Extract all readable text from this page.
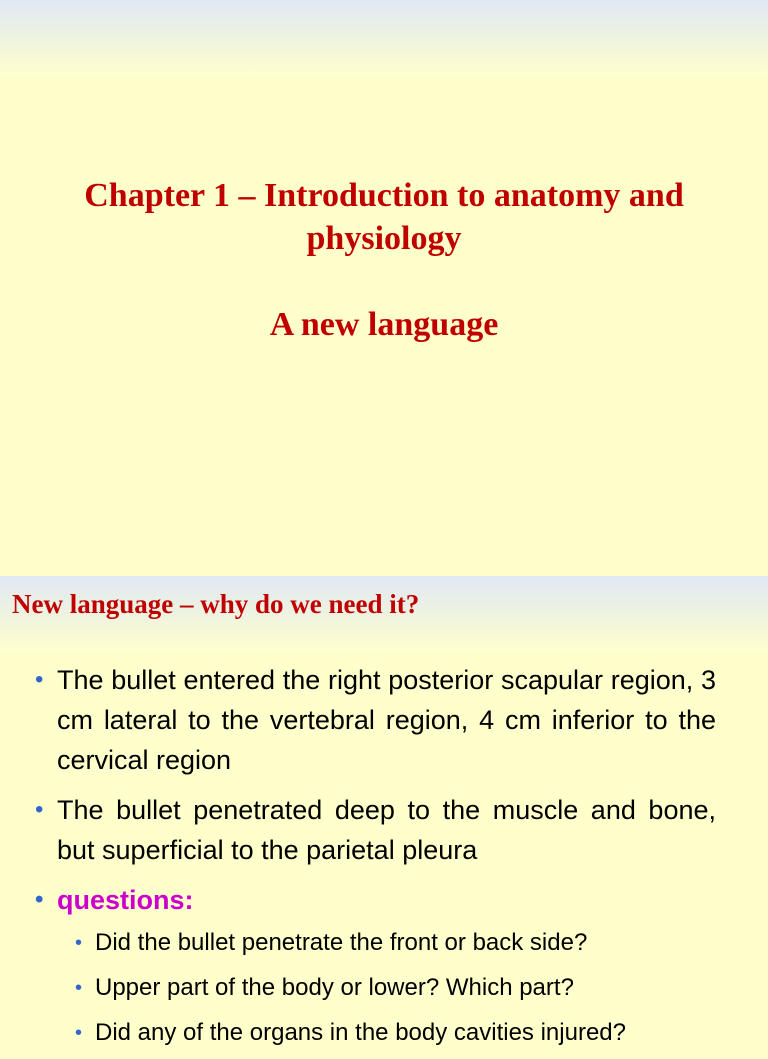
Chapter 1 – Introduction to anatomy and
physiology
A new language
New language – why do we need it?
• The bullet entered the right posterior scapular region, 3 cm lateral to the vertebral region, 4 cm inferior to the cervical region
• The bullet penetrated deep to the muscle and bone, but superficial to the parietal pleura
• questions:
• Did the bullet penetrate the front or back side?
• Upper part of the body or lower? Which part?
• Did any of the organs in the body cavities injured?
